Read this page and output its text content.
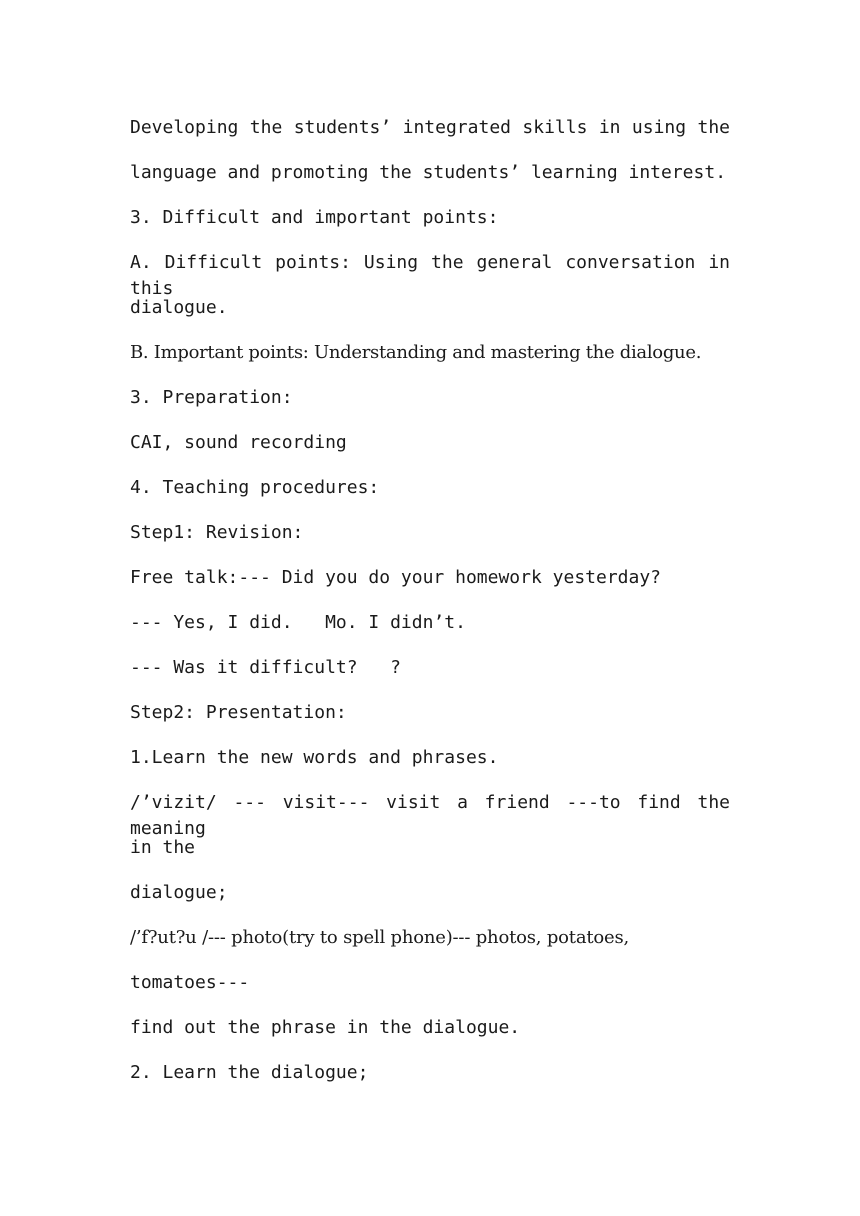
Developing the students’ integrated skills in using the
language and promoting the students’ learning interest.
3. Difficult and important points:
A. Difficult points: Using the general conversation in this
dialogue.
B. Important points: Understanding and mastering the dialogue.
3. Preparation:
CAI, sound recording
4. Teaching procedures:
Step1: Revision:
Free talk:--- Did you do your homework yesterday?
--- Yes, I did.   Mo. I didn’t.
--- Was it difficult?   ?
Step2: Presentation:
1.Learn the new words and phrases.
/’vizit/ --- visit--- visit a friend ---to find the meaning
in the
dialogue;
/’f?ut?u /--- photo(try to spell phone)--- photos, potatoes,
tomatoes---
find out the phrase in the dialogue.
2. Learn the dialogue;
